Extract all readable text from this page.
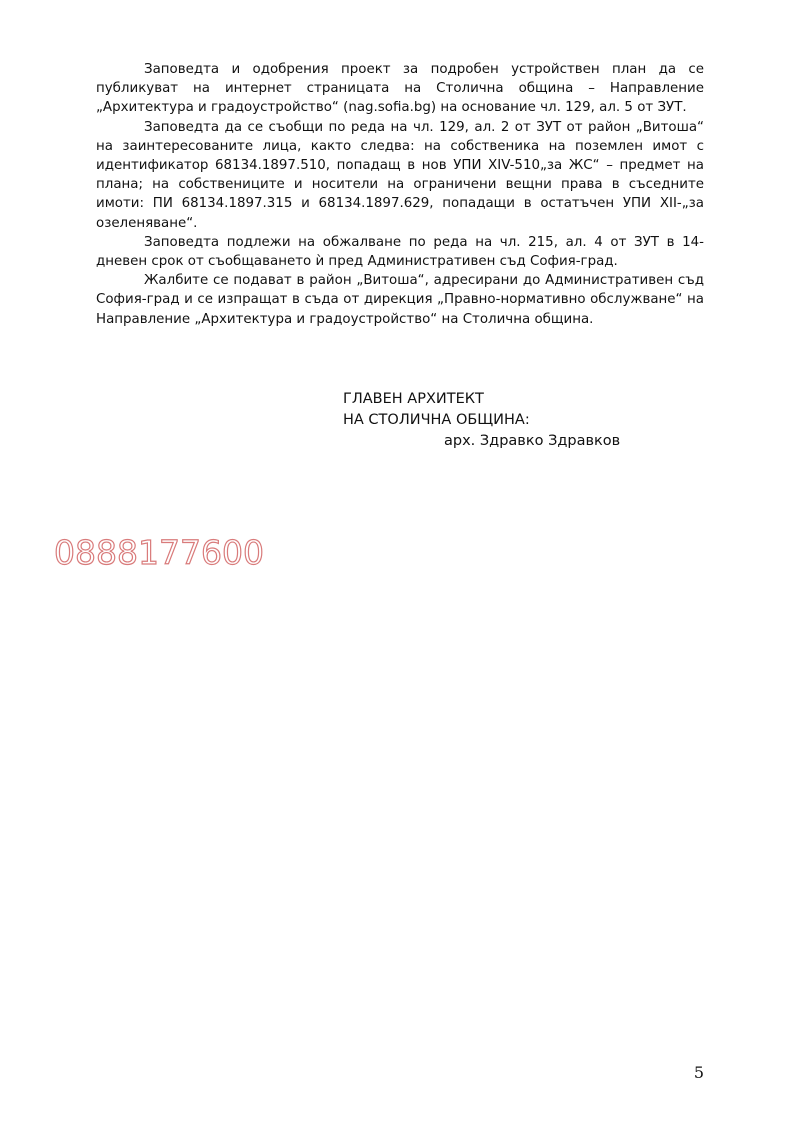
Заповедта и одобрения проект за подробен устройствен план да се публикуват на интернет страницата на Столична община – Направление „Архитектура и градоустройство“ (nag.sofia.bg) на основание чл. 129, ал. 5 от ЗУТ.

Заповедта да се съобщи по реда на чл. 129, ал. 2 от ЗУТ от район „Витоша“ на заинтересованите лица, както следва: на собственика на поземлен имот с идентификатор 68134.1897.510, попадащ в нов УПИ XIV-510„за ЖС“ – предмет на плана; на собствениците и носители на ограничени вещни права в съседните имоти: ПИ 68134.1897.315 и 68134.1897.629, попадащи в остатъчен УПИ XII-„за озеленяване“.

Заповедта подлежи на обжалване по реда на чл. 215, ал. 4 от ЗУТ в 14-дневен срок от съобщаването ѝ пред Административен съд София-град.

Жалбите се подават в район „Витоша“, адресирани до Административен съд София-град и се изпращат в съда от дирекция „Правно-нормативно обслужване“ на Направление „Архитектура и градоустройство“ на Столична община.

ГЛАВЕН АРХИТЕКТ
НА СТОЛИЧНА ОБЩИНА:
арх. Здравко Здравков
0888177600
5
